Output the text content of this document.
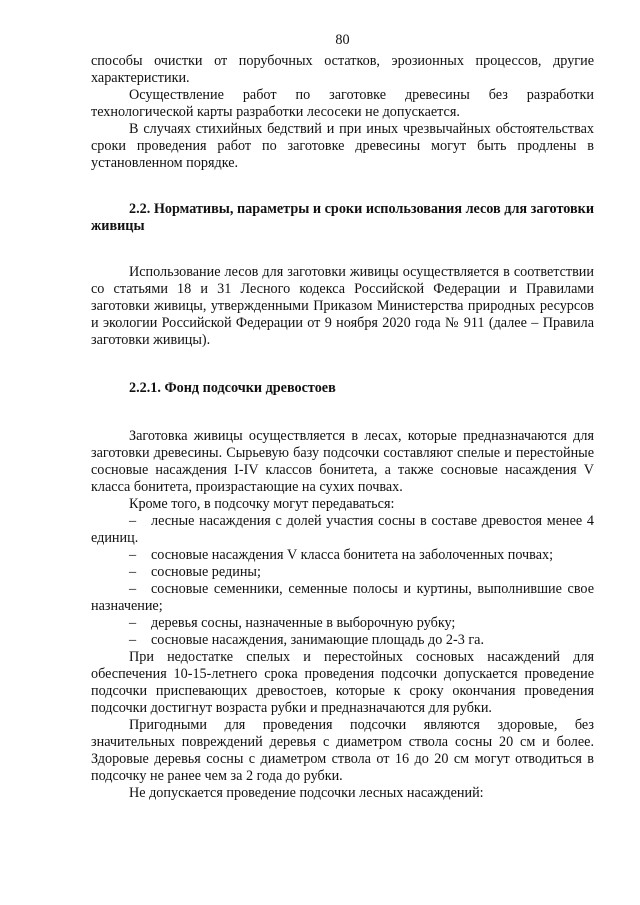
80

способы очистки от порубочных остатков, эрозионных процессов, другие характеристики.

Осуществление работ по заготовке древесины без разработки технологической карты разработки лесосеки не допускается.

В случаях стихийных бедствий и при иных чрезвычайных обстоятельствах сроки проведения работ по заготовке древесины могут быть продлены в установленном порядке.

2.2. Нормативы, параметры и сроки использования лесов для заготовки живицы

Использование лесов для заготовки живицы осуществляется в соответствии со статьями 18 и 31 Лесного кодекса Российской Федерации и Правилами заготовки живицы, утвержденными Приказом Министерства природных ресурсов и экологии Российской Федерации от 9 ноября 2020 года № 911 (далее – Правила заготовки живицы).

2.2.1. Фонд подсочки древостоев

Заготовка живицы осуществляется в лесах, которые предназначаются для заготовки древесины. Сырьевую базу подсочки составляют спелые и перестойные сосновые насаждения I-IV классов бонитета, а также сосновые насаждения V класса бонитета, произрастающие на сухих почвах.

Кроме того, в подсочку могут передаваться:

– лесные насаждения с долей участия сосны в составе древостоя менее 4 единиц.

– сосновые насаждения V класса бонитета на заболоченных почвах;

– сосновые редины;

– сосновые семенники, семенные полосы и куртины, выполнившие свое назначение;

– деревья сосны, назначенные в выборочную рубку;

– сосновые насаждения, занимающие площадь до 2-3 га.

При недостатке спелых и перестойных сосновых насаждений для обеспечения 10-15-летнего срока проведения подсочки допускается проведение подсочки приспевающих древостоев, которые к сроку окончания проведения подсочки достигнут возраста рубки и предназначаются для рубки.

Пригодными для проведения подсочки являются здоровые, без значительных повреждений деревья с диаметром ствола сосны 20 см и более. Здоровые деревья сосны с диаметром ствола от 16 до 20 см могут отводиться в подсочку не ранее чем за 2 года до рубки.

Не допускается проведение подсочки лесных насаждений:
